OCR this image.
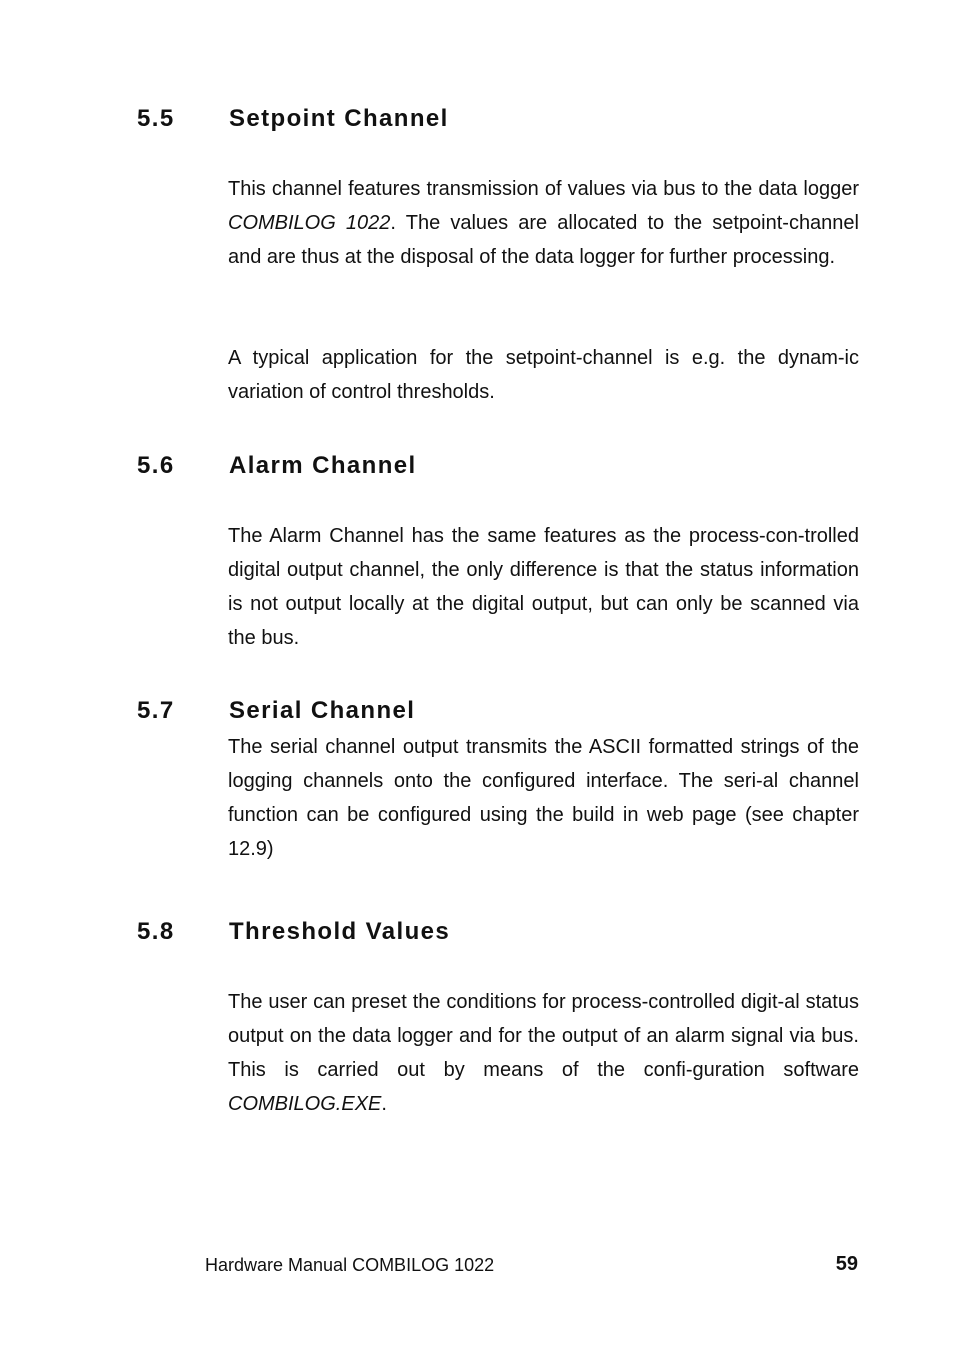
5.5 Setpoint Channel

This channel features transmission of values via bus to the data logger COMBILOG 1022. The values are allocated to the setpoint-channel and are thus at the disposal of the data logger for further processing.

A typical application for the setpoint-channel is e.g. the dynam-ic variation of control thresholds.

5.6 Alarm Channel

The Alarm Channel has the same features as the process-con-trolled digital output channel, the only difference is that the status information is not output locally at the digital output, but can only be scanned via the bus.

5.7 Serial Channel

The serial channel output transmits the ASCII formatted strings of the logging channels onto the configured interface. The seri-al channel function can be configured using the build in web page (see chapter 12.9)

5.8 Threshold Values

The user can preset the conditions for process-controlled digit-al status output on the data logger and for the output of an alarm signal via bus. This is carried out by means of the confi-guration software COMBILOG.EXE.

Hardware Manual COMBILOG 1022	59
